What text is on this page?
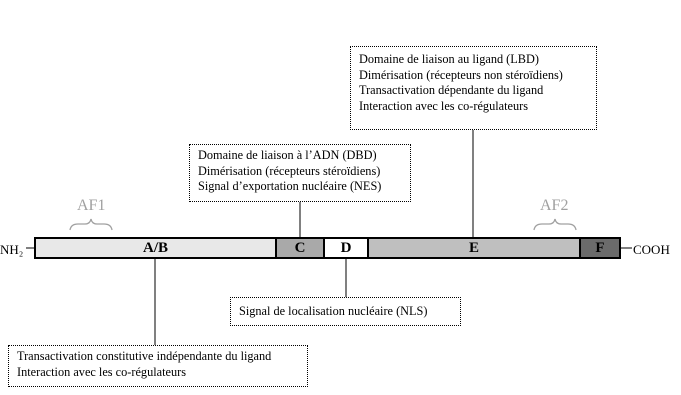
NH₂	COOH
A/B	C D	E	F
AF1	AF2
Domaine de liaison au ligand (LBD)
Dimérisation (récepteurs non stéroïdiens)
Transactivation dépendante du ligand
Interaction avec les co-régulateurs
Domaine de liaison à l’ADN (DBD)
Dimérisation (récepteurs stéroïdiens)
Signal d’exportation nucléaire (NES)
Signal de localisation nucléaire (NLS)
Transactivation constitutive indépendante du ligand
Interaction avec les co-régulateurs
